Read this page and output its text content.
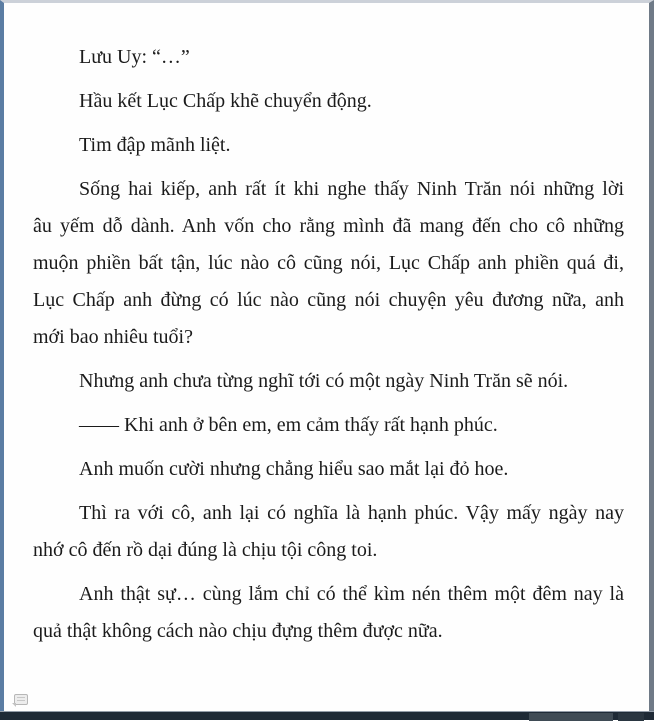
Lưu Uy: “…”
Hầu kết Lục Chấp khẽ chuyển động.
Tim đập mãnh liệt.
Sống hai kiếp, anh rất ít khi nghe thấy Ninh Trăn nói những lời
âu yếm dỗ dành. Anh vốn cho rằng mình đã mang đến cho cô những
muộn phiền bất tận, lúc nào cô cũng nói, Lục Chấp anh phiền quá đi,
Lục Chấp anh đừng có lúc nào cũng nói chuyện yêu đương nữa, anh
mới bao nhiêu tuổi?
Nhưng anh chưa từng nghĩ tới có một ngày Ninh Trăn sẽ nói.
—— Khi anh ở bên em, em cảm thấy rất hạnh phúc.
Anh muốn cười nhưng chẳng hiểu sao mắt lại đỏ hoe.
Thì ra với cô, anh lại có nghĩa là hạnh phúc. Vậy mấy ngày nay
nhớ cô đến rồ dại đúng là chịu tội công toi.
Anh thật sự… cùng lắm chỉ có thể kìm nén thêm một đêm nay là
quả thật không cách nào chịu đựng thêm được nữa.
